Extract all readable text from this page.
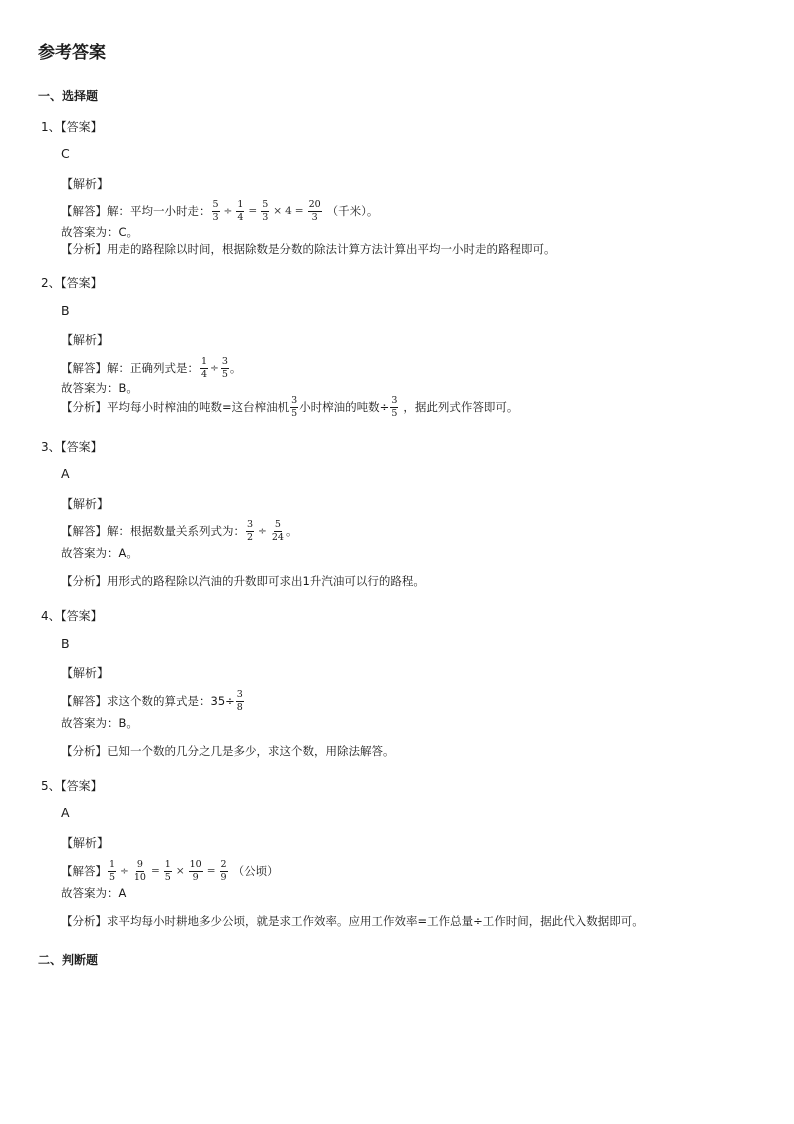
参考答案
一、选择题
1、【答案】
C
【解析】
【解答】解：平均一小时走： $\frac{5}{3} \div \frac{1}{4} = \frac{5}{3} \times 4 = \frac{20}{3}$ （千米）。
故答案为：C。
【分析】用走的路程除以时间，根据除数是分数的除法计算方法计算出平均一小时走的路程即可。
2、【答案】
B
【解析】
【解答】解：正确列式是： $\frac{1}{4} \div \frac{3}{5}$ 。
故答案为：B。
【分析】平均每小时榨油的吨数=这台榨油机 $\frac{3}{5}$ 小时榨油的吨数÷ $\frac{3}{5}$ ，据此列式作答即可。
3、【答案】
A
【解析】
【解答】解：根据数量关系列式为： $\frac{3}{2} \div \frac{5}{24}$ 。
故答案为：A。
【分析】用形式的路程除以汽油的升数即可求出1升汽油可以行的路程。
4、【答案】
B
【解析】
【解答】求这个数的算式是：$35\div \frac{3}{8}$
故答案为：B。
【分析】已知一个数的几分之几是多少，求这个数，用除法解答。
5、【答案】
A
【解析】
【解答】 $\frac{1}{5} \div \frac{9}{10} = \frac{1}{5} \times \frac{10}{9} = \frac{2}{9}$ （公顷）
故答案为：A
【分析】求平均每小时耕地多少公顷，就是求工作效率。应用工作效率=工作总量÷工作时间，据此代入数据即可。
二、判断题
